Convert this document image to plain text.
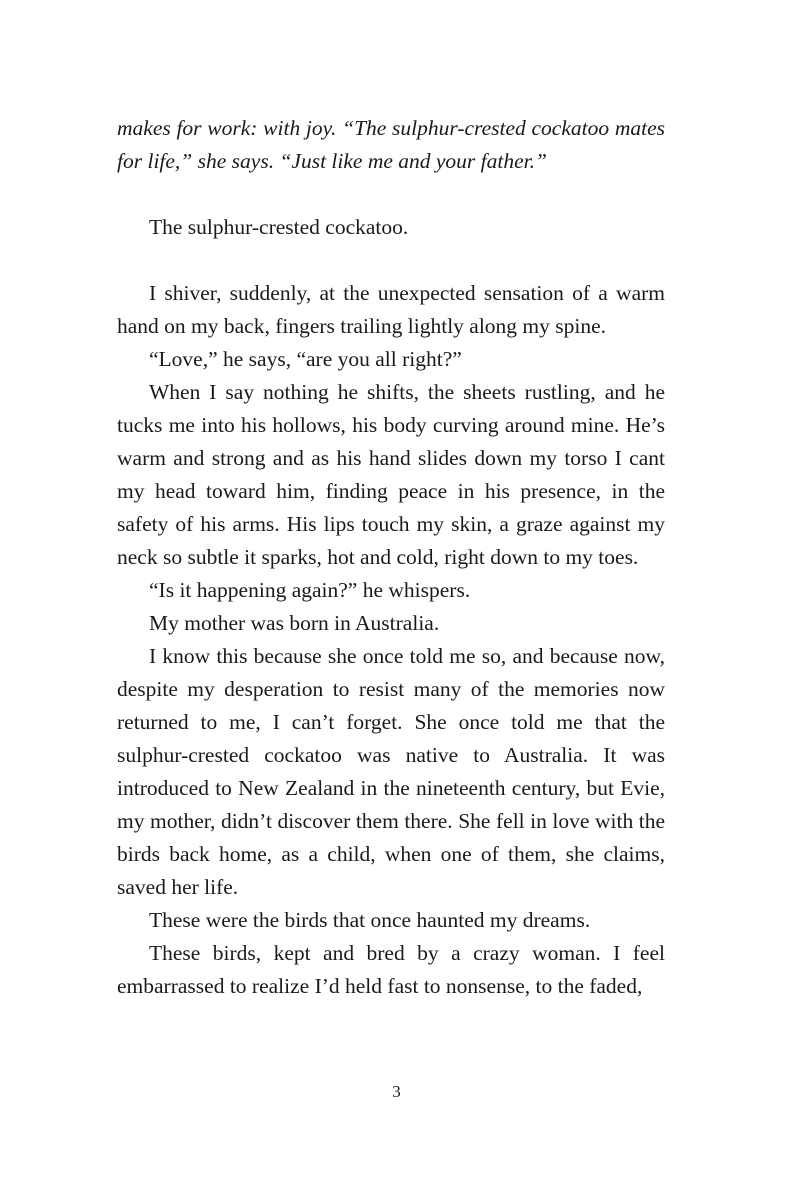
makes for work: with joy. “The sulphur-crested cockatoo mates for life,” she says. “Just like me and your father.”

The sulphur-crested cockatoo.

I shiver, suddenly, at the unexpected sensation of a warm hand on my back, fingers trailing lightly along my spine.

“Love,” he says, “are you all right?”

When I say nothing he shifts, the sheets rustling, and he tucks me into his hollows, his body curving around mine. He’s warm and strong and as his hand slides down my torso I cant my head toward him, finding peace in his presence, in the safety of his arms. His lips touch my skin, a graze against my neck so subtle it sparks, hot and cold, right down to my toes.

“Is it happening again?” he whispers.

My mother was born in Australia.

I know this because she once told me so, and because now, despite my desperation to resist many of the memories now returned to me, I can’t forget. She once told me that the sulphur-crested cockatoo was native to Australia. It was introduced to New Zealand in the nineteenth century, but Evie, my mother, didn’t discover them there. She fell in love with the birds back home, as a child, when one of them, she claims, saved her life.

These were the birds that once haunted my dreams.

These birds, kept and bred by a crazy woman. I feel embarrassed to realize I’d held fast to nonsense, to the faded,

3
